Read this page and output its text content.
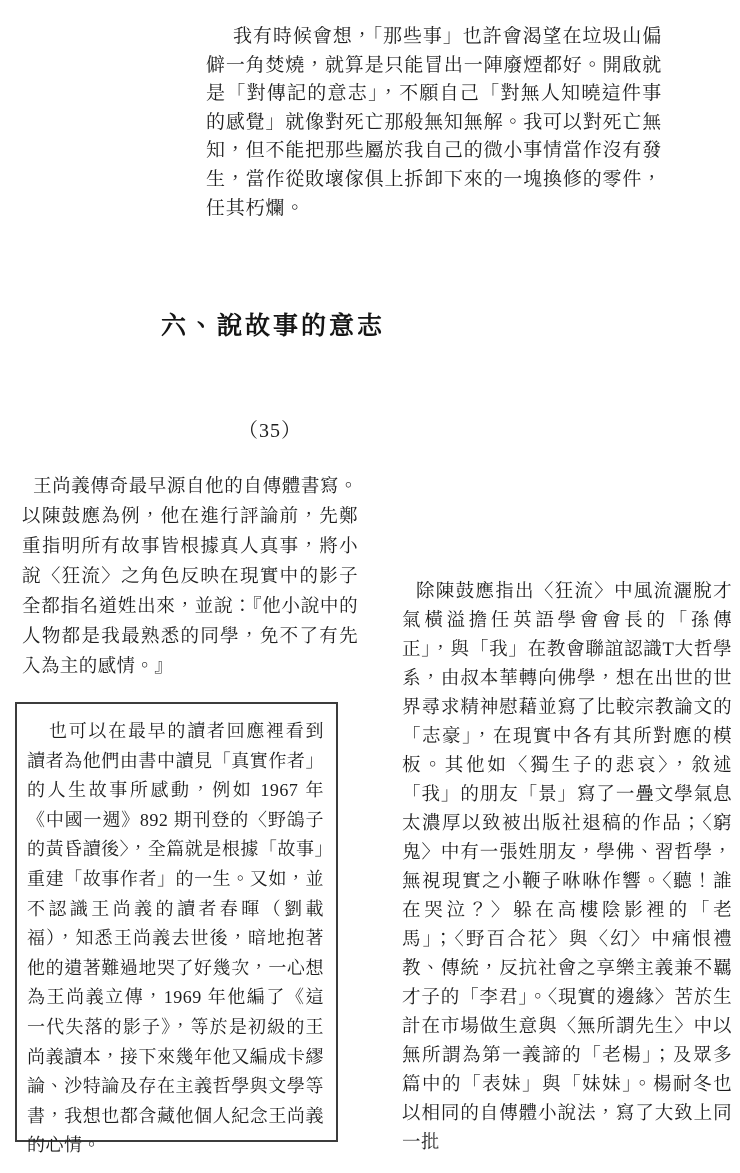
我有時候會想，「那些事」也許會渴望在垃圾山偏僻一角焚燒，就算是只能冒出一陣廢煙都好。開啟就是「對傳記的意志」，不願自己「對無人知曉這件事的感覺」就像對死亡那般無知無解。我可以對死亡無知，但不能把那些屬於我自己的微小事情當作沒有發生，當作從敗壞傢俱上拆卸下來的一塊換修的零件，任其朽爛。

六、說故事的意志
（35）

王尚義傳奇最早源自他的自傳體書寫。以陳鼓應為例，他在進行評論前，先鄭重指明所有故事皆根據真人真事，將小說〈狂流〉之角色反映在現實中的影子全都指名道姓出來，並說：『他小說中的人物都是我最熟悉的同學，免不了有先入為主的感情。』

也可以在最早的讀者回應裡看到讀者為他們由書中讀見「真實作者」的人生故事所感動，例如 1967 年《中國一週》892 期刊登的〈野鴿子的黃昏讀後〉，全篇就是根據「故事」重建「故事作者」的一生。又如，並不認識王尚義的讀者春暉（劉載福），知悉王尚義去世後，暗地抱著他的遺著難過地哭了好幾次，一心想為王尚義立傳，1969 年他編了《這一代失落的影子》，等於是初級的王尚義讀本，接下來幾年他又編成卡繆論、沙特論及存在主義哲學與文學等書，我想也都含藏他個人紀念王尚義的心情。

除陳鼓應指出〈狂流〉中風流灑脫才氣橫溢擔任英語學會會長的「孫傳正」，與「我」在教會聯誼認識T大哲學系，由叔本華轉向佛學，想在出世的世界尋求精神慰藉並寫了比較宗教論文的「志豪」，在現實中各有其所對應的模板。其他如〈獨生子的悲哀〉，敘述「我」的朋友「景」寫了一疊文學氣息太濃厚以致被出版社退稿的作品；〈窮鬼〉中有一張姓朋友，學佛、習哲學，無視現實之小鞭子咻咻作響。〈聽！誰在哭泣？〉躲在高樓陰影裡的「老馬」；〈野百合花〉與〈幻〉中痛恨禮教、傳統，反抗社會之享樂主義兼不羈才子的「李君」。〈現實的邊緣〉苦於生計在市場做生意與〈無所謂先生〉中以無所謂為第一義諦的「老楊」；及眾多篇中的「表妹」與「妹妹」。楊耐冬也以相同的自傳體小說法，寫了大致上同一批
